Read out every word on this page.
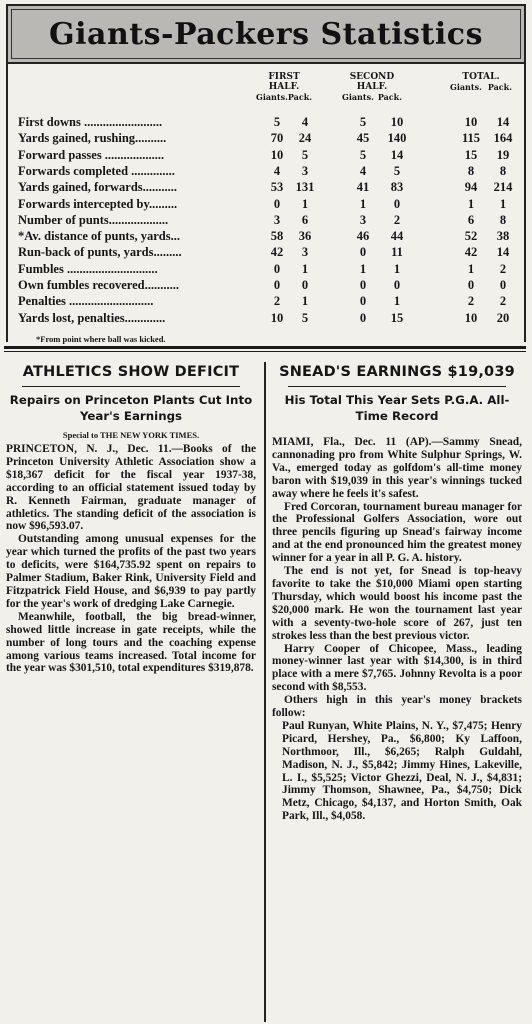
Giants-Packers Statistics
FIRST HALF.
Giants. Pack.
SECOND HALF.
Giants. Pack.
TOTAL.
Giants. Pack.
First downs .........................	5	4	5	10	10	14
Yards gained, rushing..........	70	24	45	140	115	164
Forward passes ...................	10	5	5	14	15	19
Forwards completed ..............	4	3	4	5	8	8
Yards gained, forwards...........	53 131	41	83	94	214
Forwards intercepted by.........	0	1	1	0	1	1
Number of punts...................	3	6	3	2	6	8
*Av. distance of punts, yards...	58	36	46	44	52	38
Run-back of punts, yards.........	42	3	0	11	42	14
Fumbles .............................	0	1	1	1	1	2
Own fumbles recovered...........	0	0	0	0	0	0
Penalties ...........................	2	1	0	1	2	2
Yards lost, penalties.............	10	5	0	15	10	20
*From point where ball was kicked.
ATHLETICS SHOW DEFICIT
Repairs on Princeton Plants Cut Into Year's Earnings
Special to THE NEW YORK TIMES.

PRINCETON, N. J., Dec. 11.—Books of the Princeton University Athletic Association show a $18,367 deficit for the fiscal year 1937-38, according to an official statement issued today by R. Kenneth Fairman, graduate manager of athletics. The standing deficit of the association is now $96,593.07.

Outstanding among unusual expenses for the year which turned the profits of the past two years to deficits, were $164,735.92 spent on repairs to Palmer Stadium, Baker Rink, University Field and Fitzpatrick Field House, and $6,939 to pay partly for the year's work of dredging Lake Carnegie.

Meanwhile, football, the big bread-winner, showed little increase in gate receipts, while the number of long tours and the coaching expense among various teams increased. Total income for the year was $301,510, total expenditures $319,878.

SNEAD'S EARNINGS $19,039
His Total This Year Sets P.G.A. All-Time Record

MIAMI, Fla., Dec. 11 (AP).—Sammy Snead, cannonading pro from White Sulphur Springs, W. Va., emerged today as golfdom's all-time money baron with $19,039 in this year's winnings tucked away where he feels it's safest.

Fred Corcoran, tournament bureau manager for the Professional Golfers Association, wore out three pencils figuring up Snead's fairway income and at the end pronounced him the greatest money winner for a year in all P. G. A. history.

The end is not yet, for Snead is top-heavy favorite to take the $10,000 Miami open starting Thursday, which would boost his income past the $20,000 mark. He won the tournament last year with a seventy-two-hole score of 267, just ten strokes less than the best previous victor.

Harry Cooper of Chicopee, Mass., leading money-winner last year with $14,300, is in third place with a mere $7,765. Johnny Revolta is a poor second with $8,553.

Others high in this year's money brackets follow:

Paul Runyan, White Plains, N. Y., $7,475; Henry Picard, Hershey, Pa., $6,800; Ky Laffoon, Northmoor, Ill., $6,265; Ralph Guldahl, Madison, N. J., $5,842; Jimmy Hines, Lakeville, L. I., $5,525; Victor Ghezzi, Deal, N. J., $4,831; Jimmy Thomson, Shawnee, Pa., $4,750; Dick Metz, Chicago, $4,137, and Horton Smith, Oak Park, Ill., $4,058.
